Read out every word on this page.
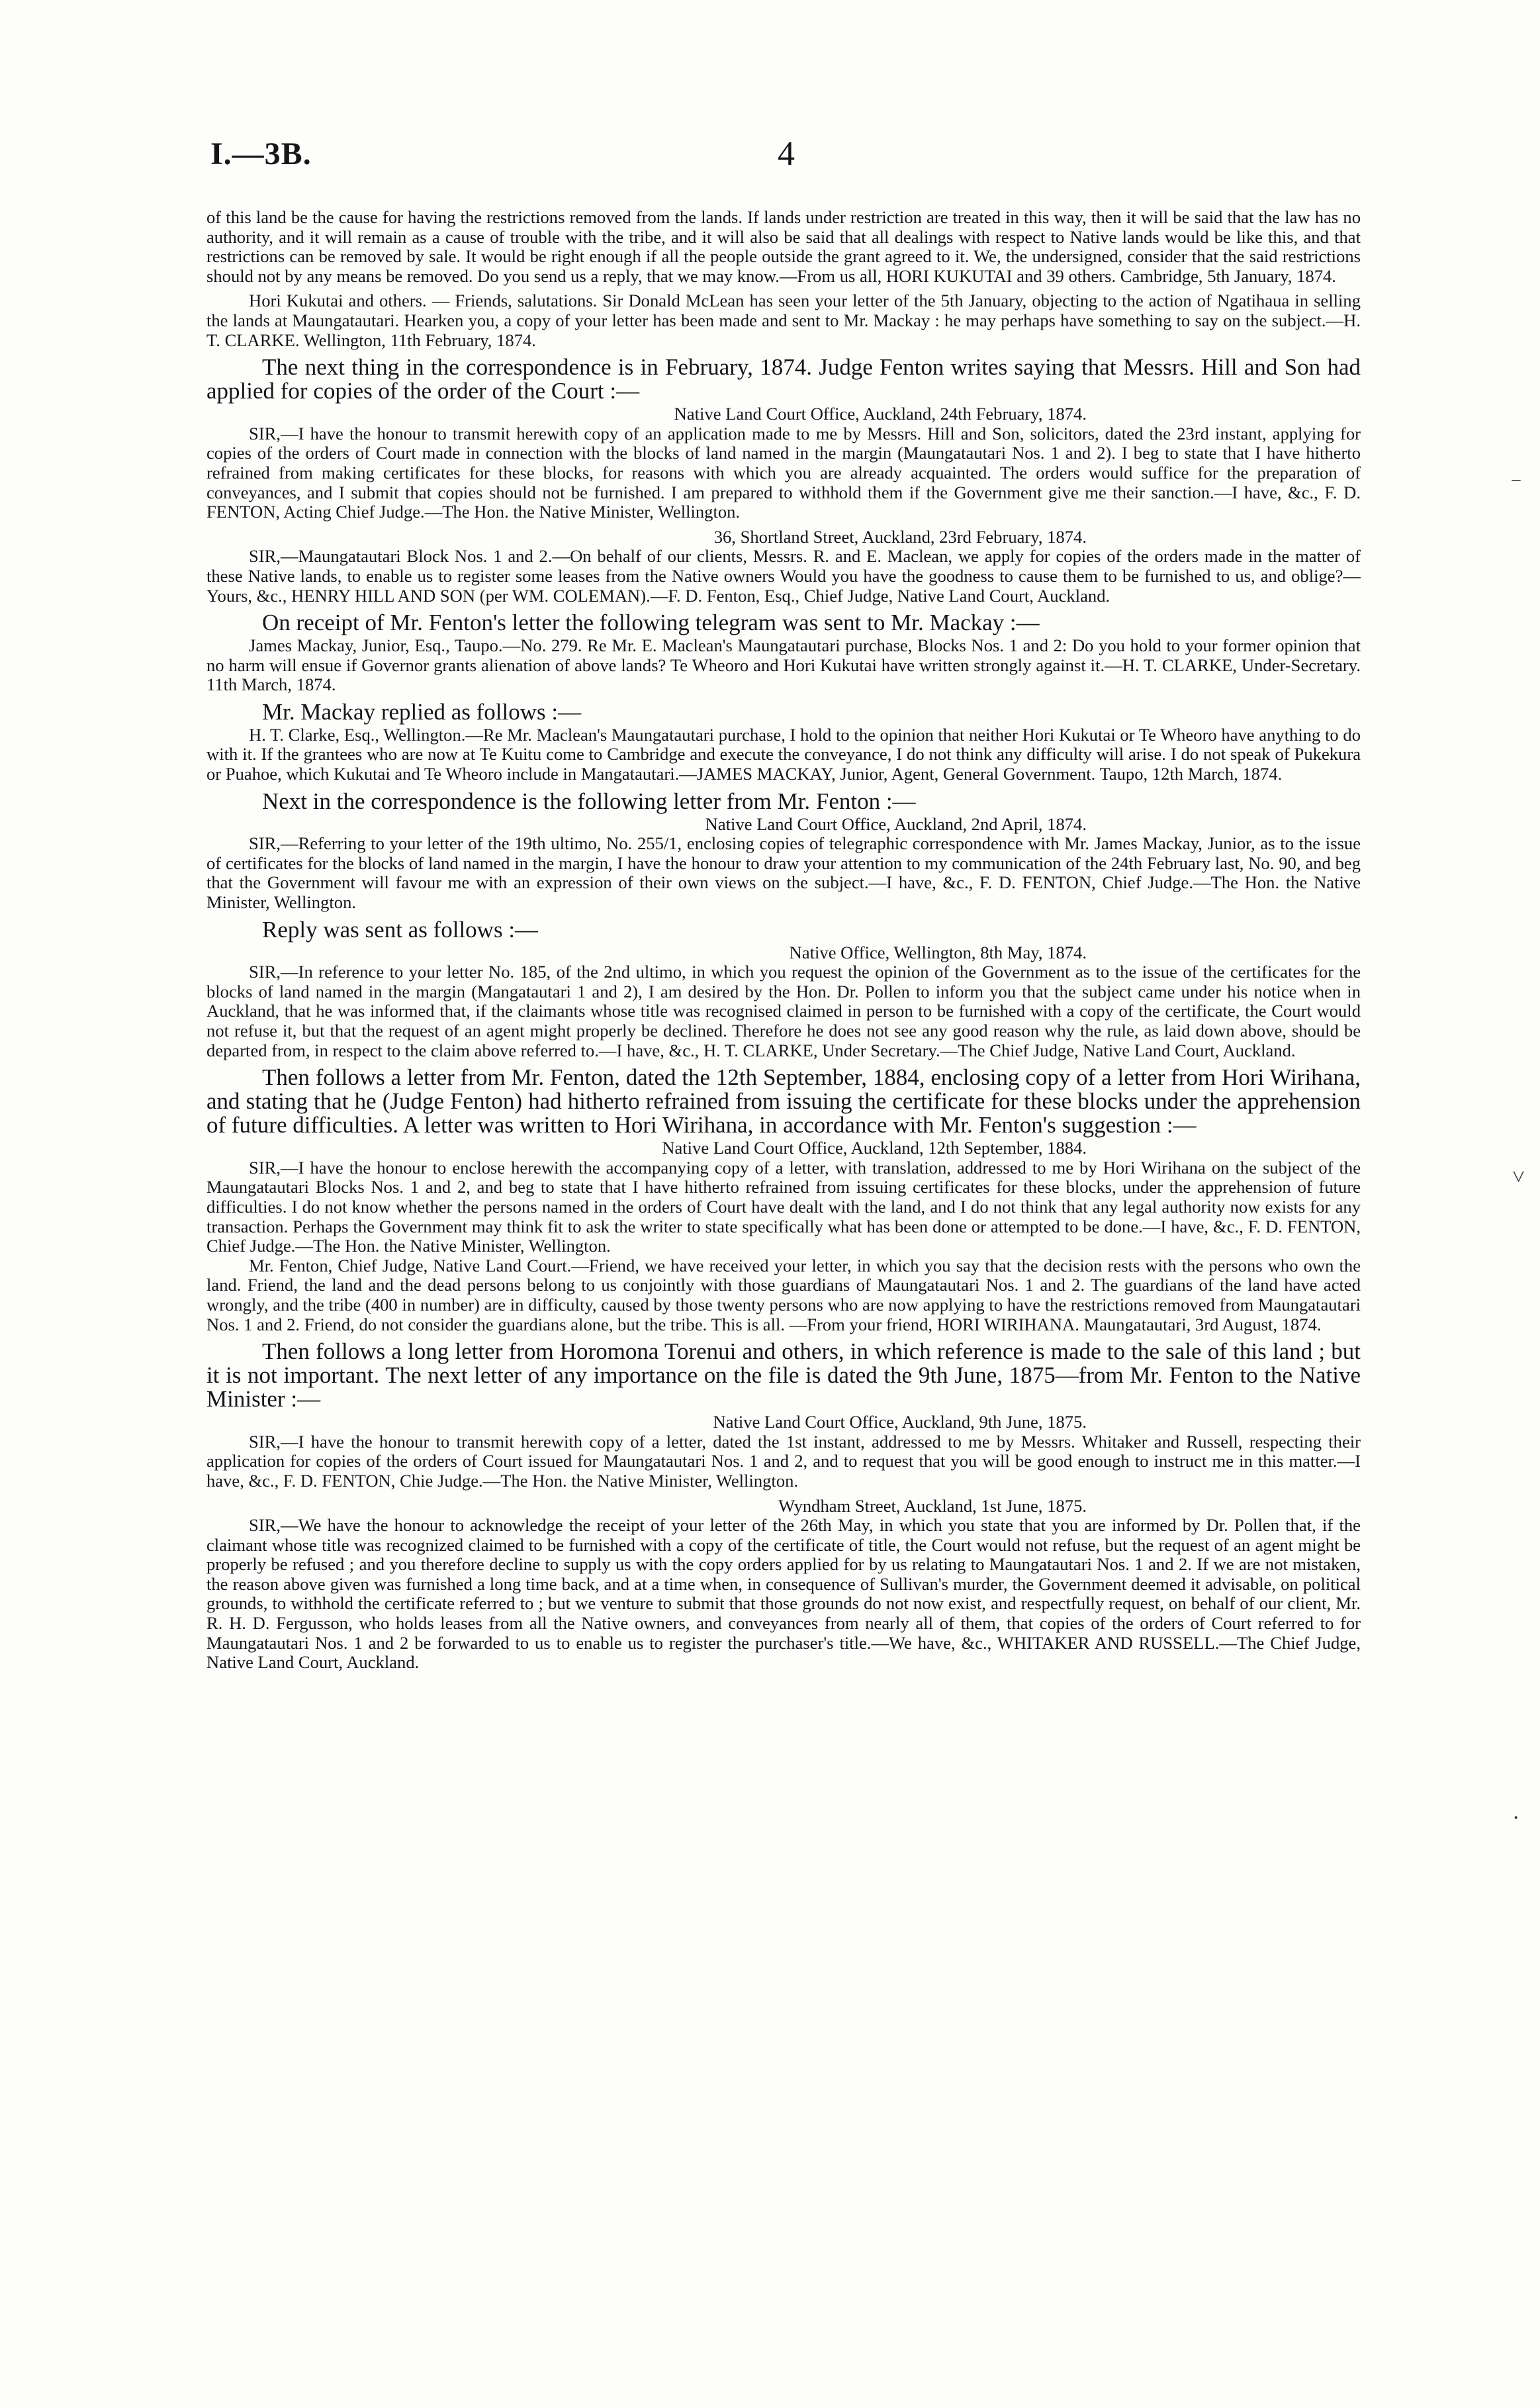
I.—3B.	4
⁻
˅
·

of this land be the cause for having the restrictions removed from the lands. If lands under restriction are treated in this way, then it will be said that the law has no authority, and it will remain as a cause of trouble with the tribe, and it will also be said that all dealings with respect to Native lands would be like this, and that restrictions can be removed by sale. It would be right enough if all the people outside the grant agreed to it. We, the undersigned, consider that the said restrictions should not by any means be removed. Do you send us a reply, that we may know.—From us all, HORI KUKUTAI and 39 others. Cambridge, 5th January, 1874.

Hori Kukutai and others. — Friends, salutations. Sir Donald McLean has seen your letter of the 5th January, objecting to the action of Ngatihaua in selling the lands at Maungatautari. Hearken you, a copy of your letter has been made and sent to Mr. Mackay : he may perhaps have something to say on the subject.—H. T. CLARKE. Wellington, 11th February, 1874.

The next thing in the correspondence is in February, 1874. Judge Fenton writes saying that Messrs. Hill and Son had applied for copies of the order of the Court :—

Native Land Court Office, Auckland, 24th February, 1874.

SIR,—I have the honour to transmit herewith copy of an application made to me by Messrs. Hill and Son, solicitors, dated the 23rd instant, applying for copies of the orders of Court made in connection with the blocks of land named in the margin (Maungatautari Nos. 1 and 2). I beg to state that I have hitherto refrained from making certificates for these blocks, for reasons with which you are already acquainted. The orders would suffice for the preparation of conveyances, and I submit that copies should not be furnished. I am prepared to withhold them if the Government give me their sanction.—I have, &c., F. D. FENTON, Acting Chief Judge.—The Hon. the Native Minister, Wellington.

36, Shortland Street, Auckland, 23rd February, 1874.

SIR,—Maungatautari Block Nos. 1 and 2.—On behalf of our clients, Messrs. R. and E. Maclean, we apply for copies of the orders made in the matter of these Native lands, to enable us to register some leases from the Native owners Would you have the goodness to cause them to be furnished to us, and oblige?—Yours, &c., HENRY HILL AND SON (per WM. COLEMAN).—F. D. Fenton, Esq., Chief Judge, Native Land Court, Auckland.

On receipt of Mr. Fenton's letter the following telegram was sent to Mr. Mackay :—

James Mackay, Junior, Esq., Taupo.—No. 279. Re Mr. E. Maclean's Maungatautari purchase, Blocks Nos. 1 and 2: Do you hold to your former opinion that no harm will ensue if Governor grants alienation of above lands? Te Wheoro and Hori Kukutai have written strongly against it.—H. T. CLARKE, Under-Secretary. 11th March, 1874.

Mr. Mackay replied as follows :—

H. T. Clarke, Esq., Wellington.—Re Mr. Maclean's Maungatautari purchase, I hold to the opinion that neither Hori Kukutai or Te Wheoro have anything to do with it. If the grantees who are now at Te Kuitu come to Cambridge and execute the conveyance, I do not think any difficulty will arise. I do not speak of Pukekura or Puahoe, which Kukutai and Te Wheoro include in Mangatautari.—JAMES MACKAY, Junior, Agent, General Government. Taupo, 12th March, 1874.

Next in the correspondence is the following letter from Mr. Fenton :—

Native Land Court Office, Auckland, 2nd April, 1874.

SIR,—Referring to your letter of the 19th ultimo, No. 255/1, enclosing copies of telegraphic correspondence with Mr. James Mackay, Junior, as to the issue of certificates for the blocks of land named in the margin, I have the honour to draw your attention to my communication of the 24th February last, No. 90, and beg that the Government will favour me with an expression of their own views on the subject.—I have, &c., F. D. FENTON, Chief Judge.—The Hon. the Native Minister, Wellington.

Reply was sent as follows :—

Native Office, Wellington, 8th May, 1874.

SIR,—In reference to your letter No. 185, of the 2nd ultimo, in which you request the opinion of the Government as to the issue of the certificates for the blocks of land named in the margin (Mangatautari 1 and 2), I am desired by the Hon. Dr. Pollen to inform you that the subject came under his notice when in Auckland, that he was informed that, if the claimants whose title was recognised claimed in person to be furnished with a copy of the certificate, the Court would not refuse it, but that the request of an agent might properly be declined. Therefore he does not see any good reason why the rule, as laid down above, should be departed from, in respect to the claim above referred to.—I have, &c., H. T. CLARKE, Under Secretary.—The Chief Judge, Native Land Court, Auckland.

Then follows a letter from Mr. Fenton, dated the 12th September, 1884, enclosing copy of a letter from Hori Wirihana, and stating that he (Judge Fenton) had hitherto refrained from issuing the certificate for these blocks under the apprehension of future difficulties. A letter was written to Hori Wirihana, in accordance with Mr. Fenton's suggestion :—

Native Land Court Office, Auckland, 12th September, 1884.

SIR,—I have the honour to enclose herewith the accompanying copy of a letter, with translation, addressed to me by Hori Wirihana on the subject of the Maungatautari Blocks Nos. 1 and 2, and beg to state that I have hitherto refrained from issuing certificates for these blocks, under the apprehension of future difficulties. I do not know whether the persons named in the orders of Court have dealt with the land, and I do not think that any legal authority now exists for any transaction. Perhaps the Government may think fit to ask the writer to state specifically what has been done or attempted to be done.—I have, &c., F. D. FENTON, Chief Judge.—The Hon. the Native Minister, Wellington.

Mr. Fenton, Chief Judge, Native Land Court.—Friend, we have received your letter, in which you say that the decision rests with the persons who own the land. Friend, the land and the dead persons belong to us conjointly with those guardians of Maungatautari Nos. 1 and 2. The guardians of the land have acted wrongly, and the tribe (400 in number) are in difficulty, caused by those twenty persons who are now applying to have the restrictions removed from Maungatautari Nos. 1 and 2. Friend, do not consider the guardians alone, but the tribe. This is all. —From your friend, HORI WIRIHANA. Maungatautari, 3rd August, 1874.

Then follows a long letter from Horomona Torenui and others, in which reference is made to the sale of this land ; but it is not important. The next letter of any importance on the file is dated the 9th June, 1875—from Mr. Fenton to the Native Minister :—

Native Land Court Office, Auckland, 9th June, 1875.

SIR,—I have the honour to transmit herewith copy of a letter, dated the 1st instant, addressed to me by Messrs. Whitaker and Russell, respecting their application for copies of the orders of Court issued for Maungatautari Nos. 1 and 2, and to request that you will be good enough to instruct me in this matter.—I have, &c., F. D. FENTON, Chie Judge.—The Hon. the Native Minister, Wellington.

Wyndham Street, Auckland, 1st June, 1875.

SIR,—We have the honour to acknowledge the receipt of your letter of the 26th May, in which you state that you are informed by Dr. Pollen that, if the claimant whose title was recognized claimed to be furnished with a copy of the certificate of title, the Court would not refuse, but the request of an agent might be properly be refused ; and you therefore decline to supply us with the copy orders applied for by us relating to Maungatautari Nos. 1 and 2. If we are not mistaken, the reason above given was furnished a long time back, and at a time when, in consequence of Sullivan's murder, the Government deemed it advisable, on political grounds, to withhold the certificate referred to ; but we venture to submit that those grounds do not now exist, and respectfully request, on behalf of our client, Mr. R. H. D. Fergusson, who holds leases from all the Native owners, and conveyances from nearly all of them, that copies of the orders of Court referred to for Maungatautari Nos. 1 and 2 be forwarded to us to enable us to register the purchaser's title.—We have, &c., WHITAKER AND RUSSELL.—The Chief Judge, Native Land Court, Auckland.
